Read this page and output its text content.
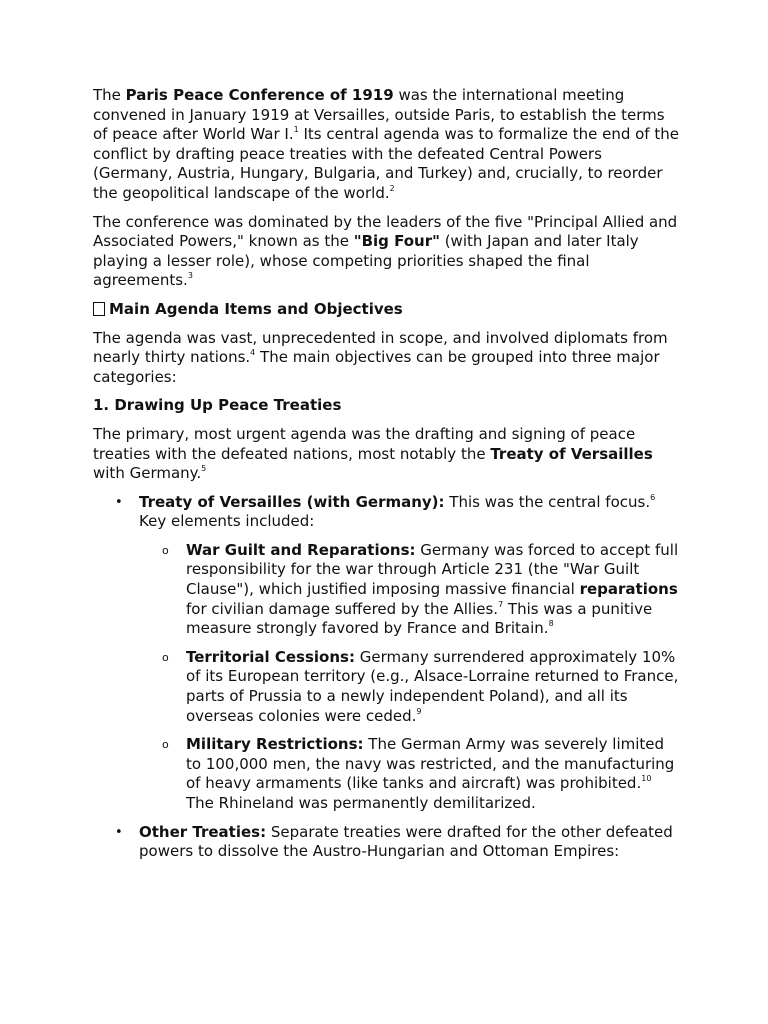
The Paris Peace Conference of 1919 was the international meeting convened in January 1919 at Versailles, outside Paris, to establish the terms of peace after World War I.$^1$ Its central agenda was to formalize the end of the conflict by drafting peace treaties with the defeated Central Powers (Germany, Austria, Hungary, Bulgaria, and Turkey) and, crucially, to reorder the geopolitical landscape of the world.$^2$

The conference was dominated by the leaders of the five "Principal Allied and Associated Powers," known as the "Big Four" (with Japan and later Italy playing a lesser role), whose competing priorities shaped the final agreements.$^3$

Main Agenda Items and Objectives

The agenda was vast, unprecedented in scope, and involved diplomats from nearly thirty nations.$^4$ The main objectives can be grouped into three major categories:

1. Drawing Up Peace Treaties

The primary, most urgent agenda was the drafting and signing of peace treaties with the defeated nations, most notably the Treaty of Versailles with Germany.$^5$

• Treaty of Versailles (with Germany): This was the central focus.$^6$ Key elements included:
o War Guilt and Reparations: Germany was forced to accept full responsibility for the war through Article 231 (the "War Guilt Clause"), which justified imposing massive financial reparations for civilian damage suffered by the Allies.$^7$ This was a punitive measure strongly favored by France and Britain.$^8$
o Territorial Cessions: Germany surrendered approximately 10% of its European territory (e.g., Alsace-Lorraine returned to France, parts of Prussia to a newly independent Poland), and all its overseas colonies were ceded.$^9$
o Military Restrictions: The German Army was severely limited to 100,000 men, the navy was restricted, and the manufacturing of heavy armaments (like tanks and aircraft) was prohibited.$^{10}$ The Rhineland was permanently demilitarized.
• Other Treaties: Separate treaties were drafted for the other defeated powers to dissolve the Austro-Hungarian and Ottoman Empires:
